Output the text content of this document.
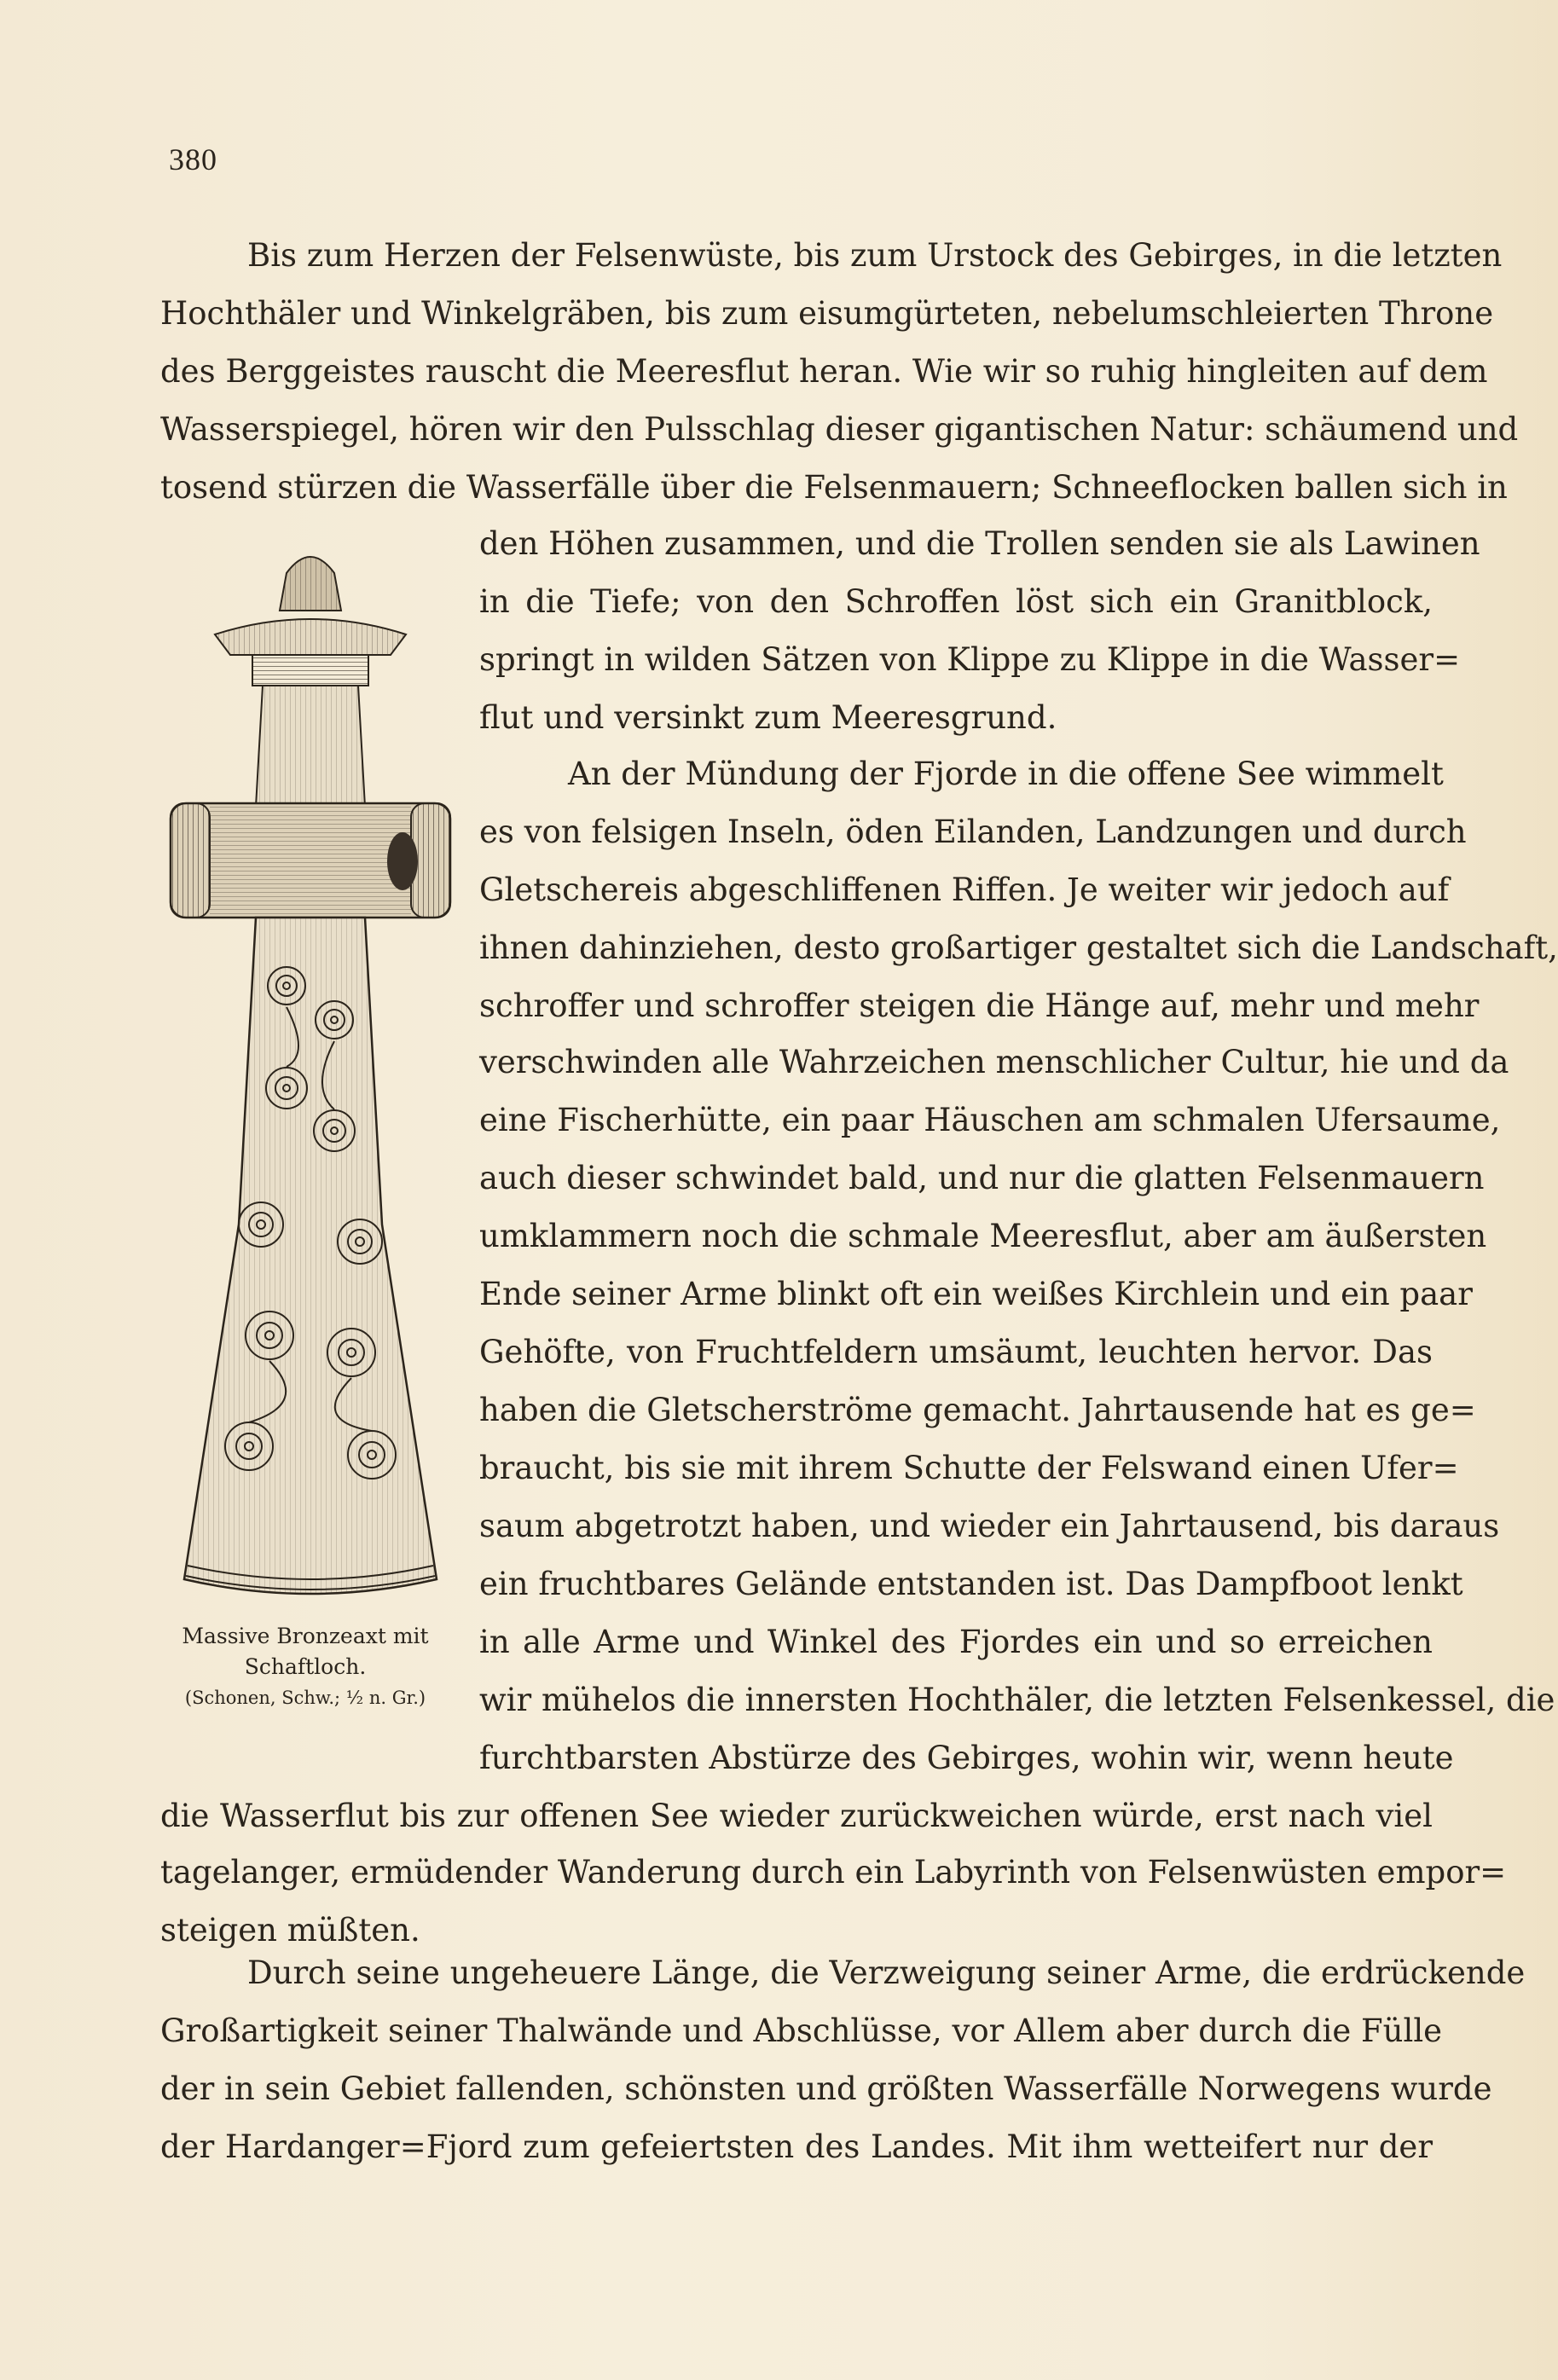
380
Bis zum Herzen der Felsenwüste, bis zum Urstock des Gebirges, in die letzten
Hochthäler und Winkelgräben, bis zum eisumgürteten, nebelumschleierten Throne
des Berggeistes rauscht die Meeresflut heran. Wie wir so ruhig hingleiten auf dem
Wasserspiegel, hören wir den Pulsschlag dieser gigantischen Natur: schäumend und
tosend stürzen die Wasserfälle über die Felsenmauern; Schneeflocken ballen sich in
den Höhen zusammen, und die Trollen senden sie als Lawinen
in die Tiefe; von den Schroffen löst sich ein Granitblock,
springt in wilden Sätzen von Klippe zu Klippe in die Wasser=
flut und versinkt zum Meeresgrund.
An der Mündung der Fjorde in die offene See wimmelt
es von felsigen Inseln, öden Eilanden, Landzungen und durch
Gletschereis abgeschliffenen Riffen. Je weiter wir jedoch auf
ihnen dahinziehen, desto großartiger gestaltet sich die Landschaft,
schroffer und schroffer steigen die Hänge auf, mehr und mehr
verschwinden alle Wahrzeichen menschlicher Cultur, hie und da
eine Fischerhütte, ein paar Häuschen am schmalen Ufersaume,
auch dieser schwindet bald, und nur die glatten Felsenmauern
umklammern noch die schmale Meeresflut, aber am äußersten
Ende seiner Arme blinkt oft ein weißes Kirchlein und ein paar
Gehöfte, von Fruchtfeldern umsäumt, leuchten hervor. Das
haben die Gletscherströme gemacht. Jahrtausende hat es ge=
braucht, bis sie mit ihrem Schutte der Felswand einen Ufer=
saum abgetrotzt haben, und wieder ein Jahrtausend, bis daraus
ein fruchtbares Gelände entstanden ist. Das Dampfboot lenkt
in alle Arme und Winkel des Fjordes ein und so erreichen
wir mühelos die innersten Hochthäler, die letzten Felsenkessel, die
furchtbarsten Abstürze des Gebirges, wohin wir, wenn heute
die Wasserflut bis zur offenen See wieder zurückweichen würde, erst nach viel
tagelanger, ermüdender Wanderung durch ein Labyrinth von Felsenwüsten empor=
steigen müßten.
Durch seine ungeheuere Länge, die Verzweigung seiner Arme, die erdrückende
Großartigkeit seiner Thalwände und Abschlüsse, vor Allem aber durch die Fülle
der in sein Gebiet fallenden, schönsten und größten Wasserfälle Norwegens wurde
der Hardanger=Fjord zum gefeiertsten des Landes. Mit ihm wetteifert nur der
Massive Bronzeaxt mit
Schaftloch.
(Schonen, Schw.; ½ n. Gr.)
